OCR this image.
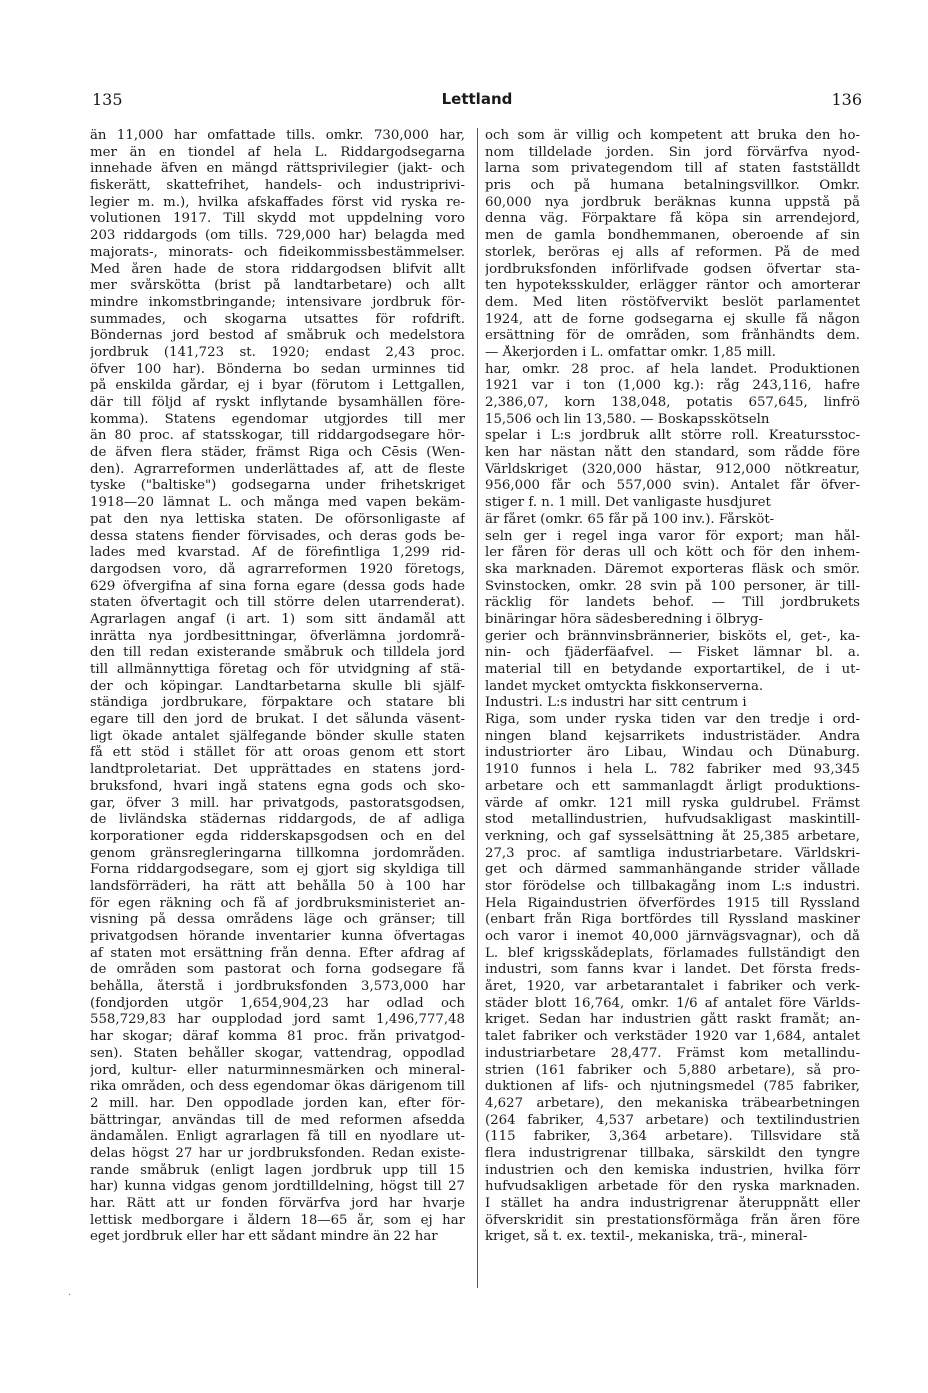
135	Lettland	136
än 11,000 har omfattade tills. omkr. 730,000 har,
mer än en tiondel af hela L. Riddargodsegarna
innehade äfven en mängd rättsprivilegier (jakt- och
fiskerätt, skattefrihet, handels- och industriprivi-
legier m. m.), hvilka afskaffades först vid ryska re-
volutionen 1917. Till skydd mot uppdelning voro
203 riddargods (om tills. 729,000 har) belagda med
majorats-, minorats- och fideikommissbestämmelser.
Med åren hade de stora riddargodsen blifvit allt
mer svårskötta (brist på landtarbetare) och allt
mindre inkomstbringande; intensivare jordbruk för-
summades, och skogarna utsattes för rofdrift.
Böndernas jord bestod af småbruk och medelstora
jordbruk (141,723 st. 1920; endast 2,43 proc.
öfver 100 har). Bönderna bo sedan urminnes tid
på enskilda gårdar, ej i byar (förutom i Lettgallen,
där till följd af ryskt inflytande bysamhällen före-
komma). Statens egendomar utgjordes till mer
än 80 proc. af statsskogar, till riddargodsegare hör-
de äfven flera städer, främst Riga och Cēsis (Wen-
den). Agrarreformen underlättades af, att de fleste
tyske ("baltiske") godsegarna under frihetskriget
1918—20 lämnat L. och många med vapen bekäm-
pat den nya lettiska staten. De oförsonligaste af
dessa statens fiender förvisades, och deras gods be-
lades med kvarstad. Af de förefintliga 1,299 rid-
dargodsen voro, då agrarreformen 1920 företogs,
629 öfvergifna af sina forna egare (dessa gods hade
staten öfvertagit och till större delen utarrenderat).
Agrarlagen angaf (i art. 1) som sitt ändamål att
inrätta nya jordbesittningar, öfverlämna jordområ-
den till redan existerande småbruk och tilldela jord
till allmännyttiga företag och för utvidgning af stä-
der och köpingar. Landtarbetarna skulle bli själf-
ständiga jordbrukare, förpaktare och statare bli
egare till den jord de brukat. I det sålunda väsent-
ligt ökade antalet själfegande bönder skulle staten
få ett stöd i stället för att oroas genom ett stort
landtproletariat. Det upprättades en statens jord-
bruksfond, hvari ingå statens egna gods och sko-
gar, öfver 3 mill. har privatgods, pastoratsgodsen,
de livländska städernas riddargods, de af adliga
korporationer egda ridderskapsgodsen och en del
genom gränsregleringarna tillkomna jordområden.
Forna riddargodsegare, som ej gjort sig skyldiga till
landsförräderi, ha rätt att behålla 50 à 100 har
för egen räkning och få af jordbruksministeriet an-
visning på dessa områdens läge och gränser; till
privatgodsen hörande inventarier kunna öfvertagas
af staten mot ersättning från denna. Efter afdrag af
de områden som pastorat och forna godsegare få
behålla, återstå i jordbruksfonden 3,573,000 har
(fondjorden utgör 1,654,904,23 har odlad och
558,729,83 har oupplodad jord samt 1,496,777,48
har skogar; däraf komma 81 proc. från privatgod-
sen). Staten behåller skogar, vattendrag, oppodlad
jord, kultur- eller naturminnesmärken och mineral-
rika områden, och dess egendomar ökas därigenom till
2 mill. har. Den oppodlade jorden kan, efter för-
bättringar, användas till de med reformen afsedda
ändamålen. Enligt agrarlagen få till en nyodlare ut-
delas högst 27 har ur jordbruksfonden. Redan existe-
rande småbruk (enligt lagen jordbruk upp till 15
har) kunna vidgas genom jordtilldelning, högst till 27
har. Rätt att ur fonden förvärfva jord har hvarje
lettisk medborgare i åldern 18—65 år, som ej har
eget jordbruk eller har ett sådant mindre än 22 har
och som är villig och kompetent att bruka den ho-
nom tilldelade jorden. Sin jord förvärfva nyod-
larna som privategendom till af staten fastställdt
pris och på humana betalningsvillkor. Omkr.
60,000 nya jordbruk beräknas kunna uppstå på
denna väg. Förpaktare få köpa sin arrendejord,
men de gamla bondhemmanen, oberoende af sin
storlek, beröras ej alls af reformen. På de med
jordbruksfonden införlifvade godsen öfvertar sta-
ten hypoteksskulder, erlägger räntor och amorterar
dem. Med liten röstöfvervikt beslöt parlamentet
1924, att de forne godsegarna ej skulle få någon
ersättning för de områden, som frånhändts dem.
— Åkerjorden i L. omfattar omkr. 1,85 mill.
har, omkr. 28 proc. af hela landet. Produktionen
1921 var i ton (1,000 kg.): råg 243,116, hafre
2,386,07, korn 138,048, potatis 657,645, linfrö
15,506 och lin 13,580. — Boskapsskötseln
spelar i L:s jordbruk allt större roll. Kreatursstoc-
ken har nästan nått den standard, som rådde före
Världskriget (320,000 hästar, 912,000 nötkreatur,
956,000 får och 557,000 svin). Antalet får öfver-
stiger f. n. 1 mill. Det vanligaste husdjuret
är fåret (omkr. 65 får på 100 inv.). Fårsköt-
seln ger i regel inga varor för export; man hål-
ler fåren för deras ull och kött och för den inhem-
ska marknaden. Däremot exporteras fläsk och smör.
Svinstocken, omkr. 28 svin på 100 personer, är till-
räcklig för landets behof. — Till jordbrukets
binäringar höra sädesberedning i ölbryg-
gerier och brännvinsbrännerier, bisköts el, get-, ka-
nin- och fjäderfäafvel. — Fisket lämnar bl. a.
material till en betydande exportartikel, de i ut-
landet mycket omtyckta fiskkonserverna.
Industri. L:s industri har sitt centrum i
Riga, som under ryska tiden var den tredje i ord-
ningen bland kejsarrikets industristäder. Andra
industriorter äro Libau, Windau och Dünaburg.
1910 funnos i hela L. 782 fabriker med 93,345
arbetare och ett sammanlagdt årligt produktions-
värde af omkr. 121 mill ryska guldrubel. Främst
stod metallindustrien, hufvudsakligast maskintill-
verkning, och gaf sysselsättning åt 25,385 arbetare,
27,3 proc. af samtliga industriarbetare. Världskri-
get och därmed sammanhängande strider vållade
stor förödelse och tillbakagång inom L:s industri.
Hela Rigaindustrien öfverfördes 1915 till Ryssland
(enbart från Riga bortfördes till Ryssland maskiner
och varor i inemot 40,000 järnvägsvagnar), och då
L. blef krigsskådeplats, förlamades fullständigt den
industri, som fanns kvar i landet. Det första freds-
året, 1920, var arbetarantalet i fabriker och verk-
städer blott 16,764, omkr. 1/6 af antalet före Världs-
kriget. Sedan har industrien gått raskt framåt; an-
talet fabriker och verkstäder 1920 var 1,684, antalet
industriarbetare 28,477. Främst kom metallindu-
strien (161 fabriker och 5,880 arbetare), så pro-
duktionen af lifs- och njutningsmedel (785 fabriker,
4,627 arbetare), den mekaniska träbearbetningen
(264 fabriker, 4,537 arbetare) och textilindustrien
(115 fabriker, 3,364 arbetare). Tillsvidare stå
flera industrigrenar tillbaka, särskildt den tyngre
industrien och den kemiska industrien, hvilka förr
hufvudsakligen arbetade för den ryska marknaden.
I stället ha andra industrigrenar återuppnått eller
öfverskridit sin prestationsförmåga från åren före
kriget, så t. ex. textil-, mekaniska, trä-, mineral-
·
